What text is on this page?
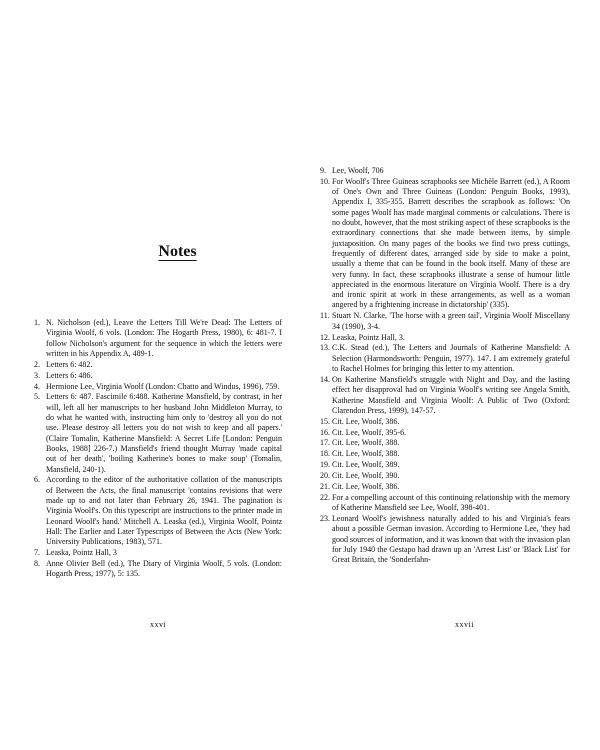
Notes
1. N. Nicholson (ed.), Leave the Letters Till We're Dead: The Letters of Virginia Woolf, 6 vols. (London: The Hogarth Press, 1980), 6: 481-7. I follow Nicholson's argument for the sequence in which the letters were written in his Appendix A, 489-1.
2. Letters 6: 482.
3. Letters 6: 486.
4. Hermione Lee, Virginia Woolf (London: Chatto and Windus, 1996), 759.
5. Letters 6: 487. Fascimile 6:488. Katherine Mansfield, by contrast, in her will, left all her manuscripts to her husband John Middleton Murray, to do what he wanted with, instructing him only to 'destroy all you do not use. Please destroy all letters you do not wish to keep and all papers.' (Claire Tomalin, Katherine Mansfield: A Secret Life [London: Penguin Books, 1988] 226-7.) Mansfield's friend thought Murray 'made capital out of her death', 'boiling Katherine's bones to make soup' (Tomalin, Mansfield, 240-1).
6. According to the editor of the authoritative collation of the manuscripts of Between the Acts, the final manuscript 'contains revisions that were made up to and not later than February 26, 1941. The pagination is Virginia Woolf's. On this typescript are instructions to the printer made in Leonard Woolf's hand.' Mitchell A. Leaska (ed.), Virginia Woolf, Pointz Hall: The Earlier and Later Typescripts of Between the Acts (New York: University Publications, 1983), 571.
7. Leaska, Pointz Hall, 3
8. Anne Olivier Bell (ed.), The Diary of Virginia Woolf, 5 vols. (London: Hogarth Press, 1977), 5: 135.
xxvi
9. Lee, Woolf, 706
10. For Woolf's Three Guineas scrapbooks see Michèle Barrett (ed.), A Room of One's Own and Three Guineas (London: Penguin Books, 1993), Appendix I, 335-355. Barrett describes the scrapbook as follows: 'On some pages Woolf has made marginal comments or calculations. There is no doubt, however, that the most striking aspect of these scrapbooks is the extraordinary connections that she made between items, by simple juxtaposition. On many pages of the books we find two press cuttings, frequently of different dates, arranged side by side to make a point, usually a theme that can be found in the book itself. Many of these are very funny. In fact, these scrapbooks illustrate a sense of humour little appreciated in the enormous literature on Virginia Woolf. There is a dry and ironic spirit at work in these arrangements, as well as a woman angered by a frightening increase in dictatorship' (335).
11. Stuart N. Clarke, 'The horse with a green tail', Virginia Woolf Miscellany 34 (1990), 3-4.
12. Leaska, Pointz Hall, 3.
13. C.K. Stead (ed.), The Letters and Journals of Katherine Mansfield: A Selection (Harmondsworth: Penguin, 1977). 147. I am extremely grateful to Rachel Holmes for bringing this letter to my attention.
14. On Katherine Mansfield's struggle with Night and Day, and the lasting effect her disapproval had on Virginia Woolf's writing see Angela Smith, Katherine Mansfield and Virginia Woolf: A Public of Two (Oxford: Clarendon Press, 1999), 147-57.
15. Cit. Lee, Woolf, 386.
16. Cit. Lee, Woolf, 395-6.
17. Cit. Lee, Woolf, 388.
18. Cit. Lee, Woolf, 388.
19. Cit. Lee, Woolf, 389.
20. Cit. Lee, Woolf, 390.
21. Cit. Lee, Woolf, 386.
22. For a compelling account of this continuing relationship with the memory of Katherine Mansfield see Lee, Woolf, 398-401.
23. Leonard Woolf's jewishness naturally added to his and Virginia's fears about a possible German invasion. According to Hermione Lee, 'they had good sources of information, and it was known that with the invasion plan for July 1940 the Gestapo had drawn up an 'Arrest List' or 'Black List' for Great Britain, the 'Sonderfahn-
xxvii
